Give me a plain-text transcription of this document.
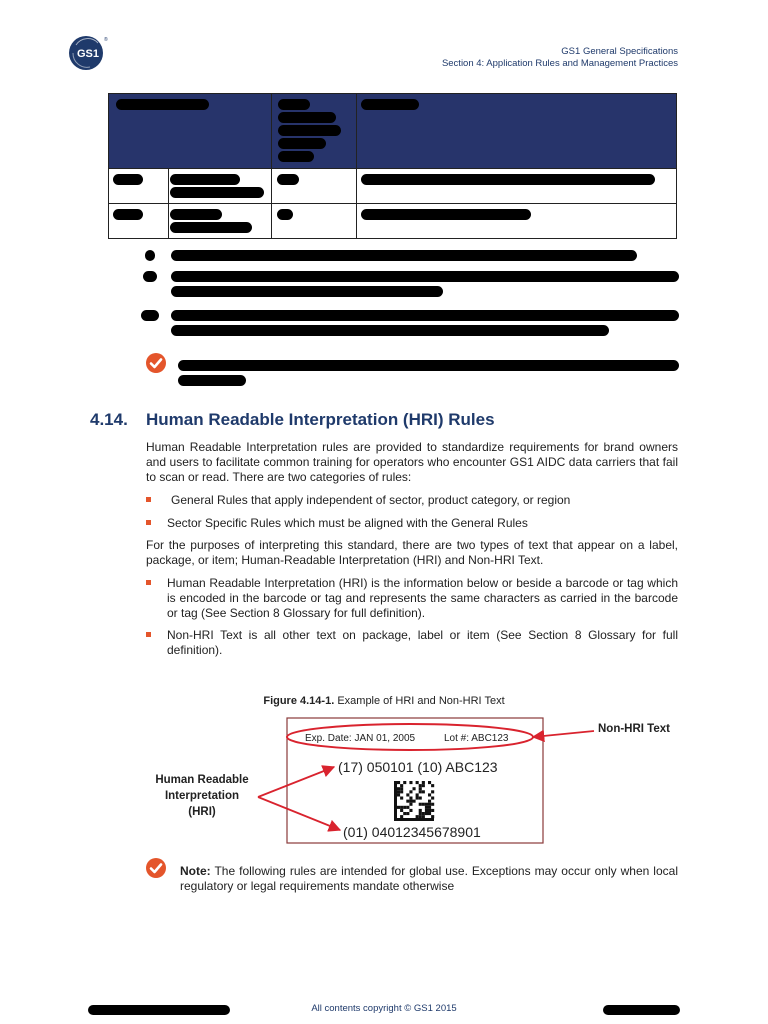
GS1
®
GS1 General Specifications
Section 4: Application Rules and Management Practices
4.14. Human Readable Interpretation (HRI) Rules
Human Readable Interpretation rules are provided to standardize requirements for brand owners and users to facilitate common training for operators who encounter GS1 AIDC data carriers that fail to scan or read. There are two categories of rules:
General Rules that apply independent of sector, product category, or region
Sector Specific Rules which must be aligned with the General Rules
For the purposes of interpreting this standard, there are two types of text that appear on a label, package, or item; Human-Readable Interpretation (HRI) and Non-HRI Text.
Human Readable Interpretation (HRI) is the information below or beside a barcode or tag which is encoded in the barcode or tag and represents the same characters as carried in the barcode or tag (See Section 8 Glossary for full definition).
Non-HRI Text is all other text on package, label or item (See Section 8 Glossary for full definition).
Figure 4.14-1. Example of HRI and Non-HRI Text
Exp. Date: JAN 01, 2005	Lot #: ABC123
(17) 050101 (10) ABC123
(01) 04012345678901
Non-HRI Text
Human Readable
Interpretation
(HRI)
Note: The following rules are intended for global use. Exceptions may occur only when local regulatory or legal requirements mandate otherwise
All contents copyright © GS1 2015
